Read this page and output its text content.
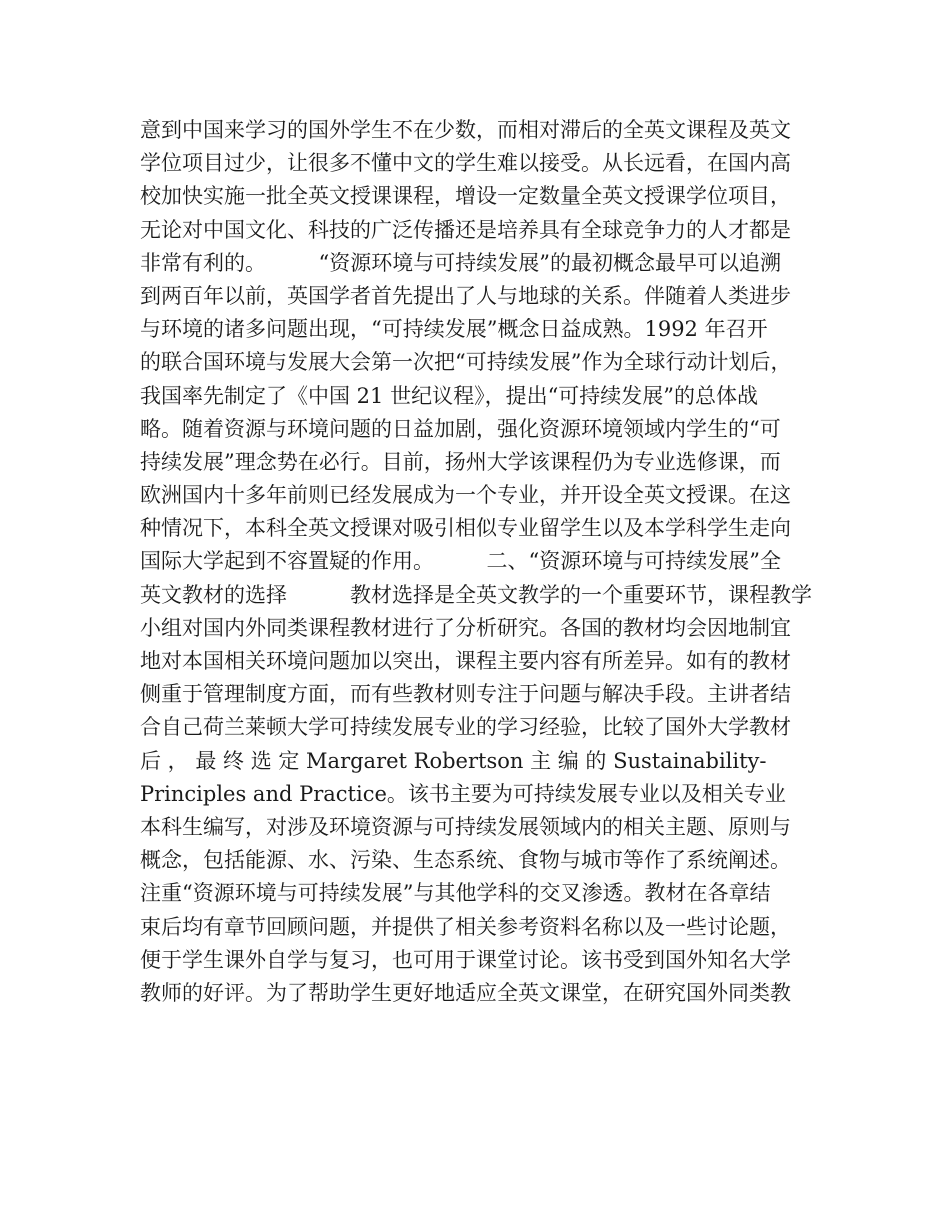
意到中国来学习的国外学生不在少数，而相对滞后的全英文课程及英文
学位项目过少，让很多不懂中文的学生难以接受。从长远看，在国内高
校加快实施一批全英文授课课程，增设一定数量全英文授课学位项目，
无论对中国文化、科技的广泛传播还是培养具有全球竞争力的人才都是
非常有利的。　　　“资源环境与可持续发展”的最初概念最早可以追溯
到两百年以前，英国学者首先提出了人与地球的关系。伴随着人类进步
与环境的诸多问题出现，“可持续发展”概念日益成熟。1992 年召开
的联合国环境与发展大会第一次把“可持续发展”作为全球行动计划后，
我国率先制定了《中国 21 世纪议程》，提出“可持续发展”的总体战
略。随着资源与环境问题的日益加剧，强化资源环境领域内学生的“可
持续发展”理念势在必行。目前，扬州大学该课程仍为专业选修课，而
欧洲国内十多年前则已经发展成为一个专业，并开设全英文授课。在这
种情况下，本科全英文授课对吸引相似专业留学生以及本学科学生走向
国际大学起到不容置疑的作用。　　　二、“资源环境与可持续发展”全
英文教材的选择　　　教材选择是全英文教学的一个重要环节，课程教学
小组对国内外同类课程教材进行了分析研究。各国的教材均会因地制宜
地对本国相关环境问题加以突出，课程主要内容有所差异。如有的教材
侧重于管理制度方面，而有些教材则专注于问题与解决手段。主讲者结
合自己荷兰莱顿大学可持续发展专业的学习经验，比较了国外大学教材
后 ， 最 终 选 定 Margaret Robertson 主 编 的 Sustainability-
Principles and Practice。该书主要为可持续发展专业以及相关专业
本科生编写，对涉及环境资源与可持续发展领域内的相关主题、原则与
概念，包括能源、水、污染、生态系统、食物与城市等作了系统阐述。
注重“资源环境与可持续发展”与其他学科的交叉渗透。教材在各章结
束后均有章节回顾问题，并提供了相关参考资料名称以及一些讨论题，
便于学生课外自学与复习，也可用于课堂讨论。该书受到国外知名大学
教师的好评。为了帮助学生更好地适应全英文课堂，在研究国外同类教
